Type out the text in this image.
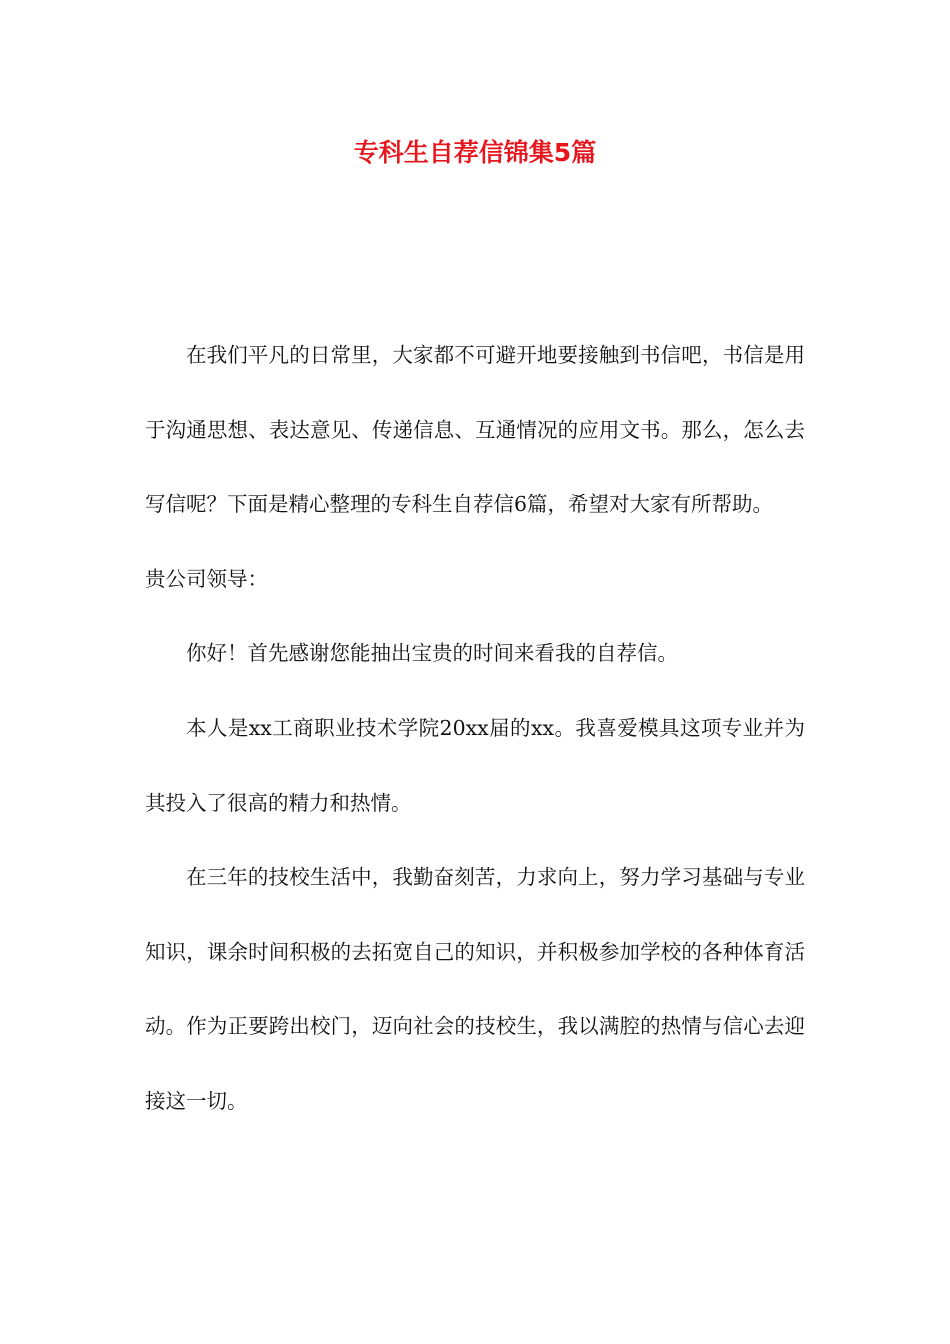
专科生自荐信锦集5篇

在我们平凡的日常里，大家都不可避开地要接触到书信吧，书信是用于沟通思想、表达意见、传递信息、互通情况的应用文书。那么，怎么去写信呢？下面是精心整理的专科生自荐信6篇，希望对大家有所帮助。

贵公司领导：

你好！首先感谢您能抽出宝贵的时间来看我的自荐信。

本人是xx工商职业技术学院20xx届的xx。我喜爱模具这项专业并为其投入了很高的精力和热情。

在三年的技校生活中，我勤奋刻苦，力求向上，努力学习基础与专业知识，课余时间积极的去拓宽自己的知识，并积极参加学校的各种体育活动。作为正要跨出校门，迈向社会的技校生，我以满腔的热情与信心去迎接这一切。
